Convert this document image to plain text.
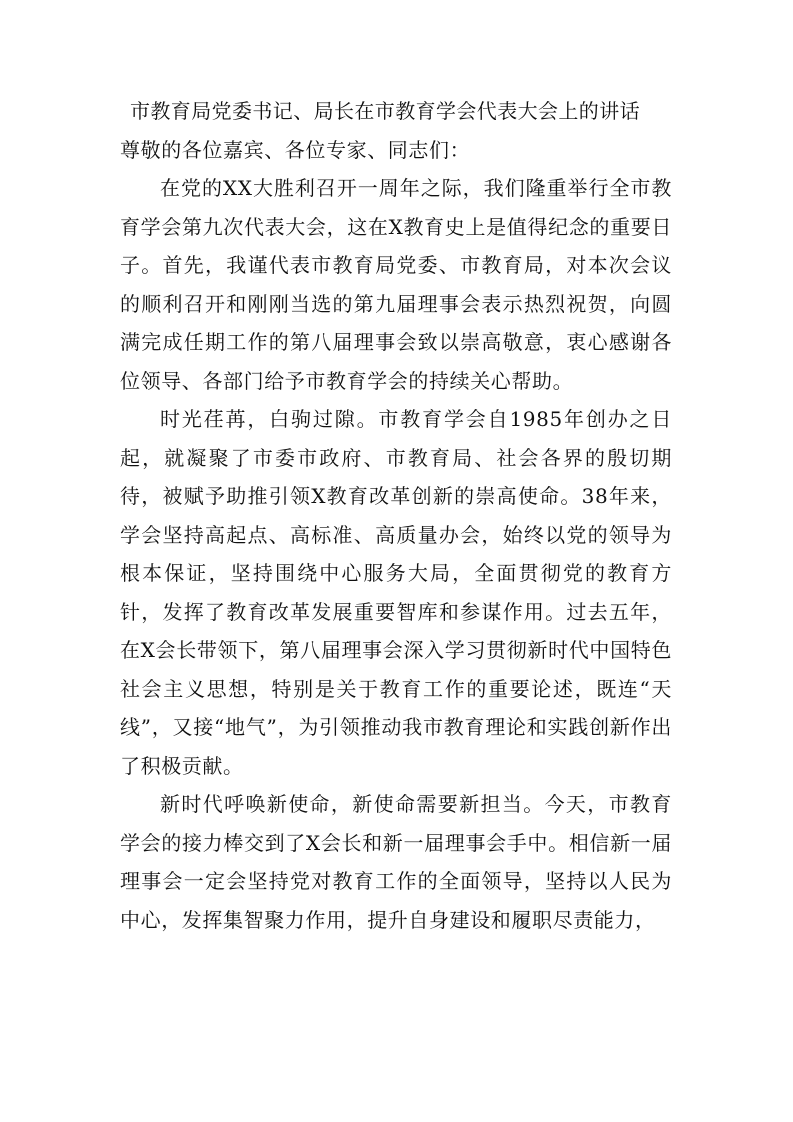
市教育局党委书记、局长在市教育学会代表大会上的讲话

尊敬的各位嘉宾、各位专家、同志们：

在党的XX大胜利召开一周年之际，我们隆重举行全市教育学会第九次代表大会，这在X教育史上是值得纪念的重要日子。首先，我谨代表市教育局党委、市教育局，对本次会议的顺利召开和刚刚当选的第九届理事会表示热烈祝贺，向圆满完成任期工作的第八届理事会致以崇高敬意，衷心感谢各位领导、各部门给予市教育学会的持续关心帮助。

时光荏苒，白驹过隙。市教育学会自1985年创办之日起，就凝聚了市委市政府、市教育局、社会各界的殷切期待，被赋予助推引领X教育改革创新的崇高使命。38年来，学会坚持高起点、高标准、高质量办会，始终以党的领导为根本保证，坚持围绕中心服务大局，全面贯彻党的教育方针，发挥了教育改革发展重要智库和参谋作用。过去五年，在X会长带领下，第八届理事会深入学习贯彻新时代中国特色社会主义思想，特别是关于教育工作的重要论述，既连“天线”，又接“地气”，为引领推动我市教育理论和实践创新作出了积极贡献。

新时代呼唤新使命，新使命需要新担当。今天，市教育学会的接力棒交到了X会长和新一届理事会手中。相信新一届理事会一定会坚持党对教育工作的全面领导，坚持以人民为中心，发挥集智聚力作用，提升自身建设和履职尽责能力，
